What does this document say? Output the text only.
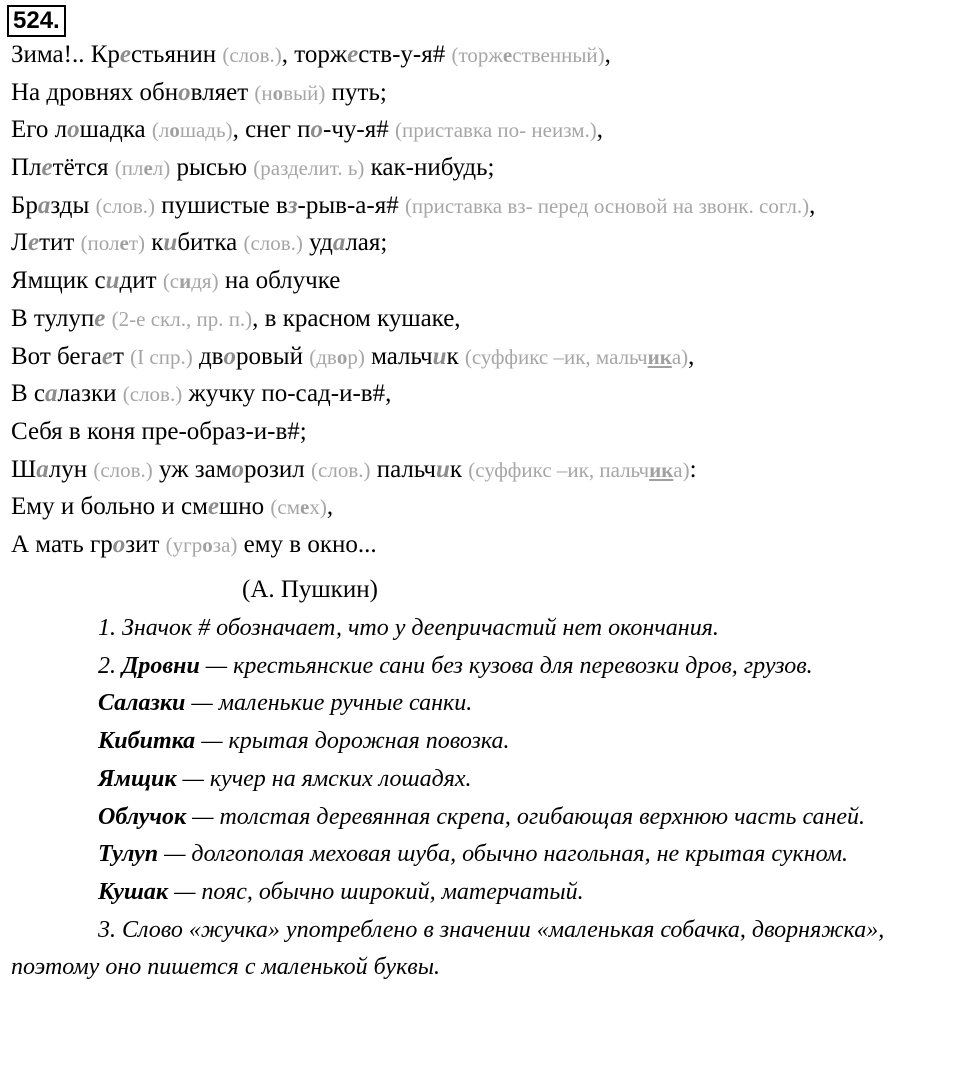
524.
Зима!.. Крестьянин (слов.), торжеств-у-я# (торжественный),
На дровнях обновляет (новый) путь;
Его лошадка (лошадь), снег по-чу-я# (приставка по- неизм.),
Плетётся (плел) рысью (разделит. ь) как-нибудь;
Бразды (слов.) пушистые вз-рыв-а-я# (приставка вз- перед основой на звонк. согл.),
Летит (полет) кибитка (слов.) удалая;
Ямщик сидит (сидя) на облучке
В тулупе (2-е скл., пр. п.), в красном кушаке,
Вот бегает (I спр.) дворовый (двор) мальчик (суффикс –ик, мальчика),
В салазки (слов.) жучку по-сад-и-в#,
Себя в коня пре-образ-и-в#;
Шалун (слов.) уж заморозил (слов.) пальчик (суффикс –ик, пальчика):
Ему и больно и смешно (смех),
А мать грозит (угроза) ему в окно...
(А. Пушкин)

1. Значок # обозначает, что у деепричастий нет окончания.

2. Дровни — крестьянские сани без кузова для перевозки дров, грузов.

Салазки — маленькие ручные санки.

Кибитка — крытая дорожная повозка.

Ямщик — кучер на ямских лошадях.

Облучок — толстая деревянная скрепа, огибающая верхнюю часть саней.

Тулуп — долгополая меховая шуба, обычно нагольная, не крытая сукном.

Кушак — пояс, обычно широкий, матерчатый.

3. Слово «жучка» употреблено в значении «маленькая собачка, дворняжка», поэтому оно пишется с маленькой буквы.
